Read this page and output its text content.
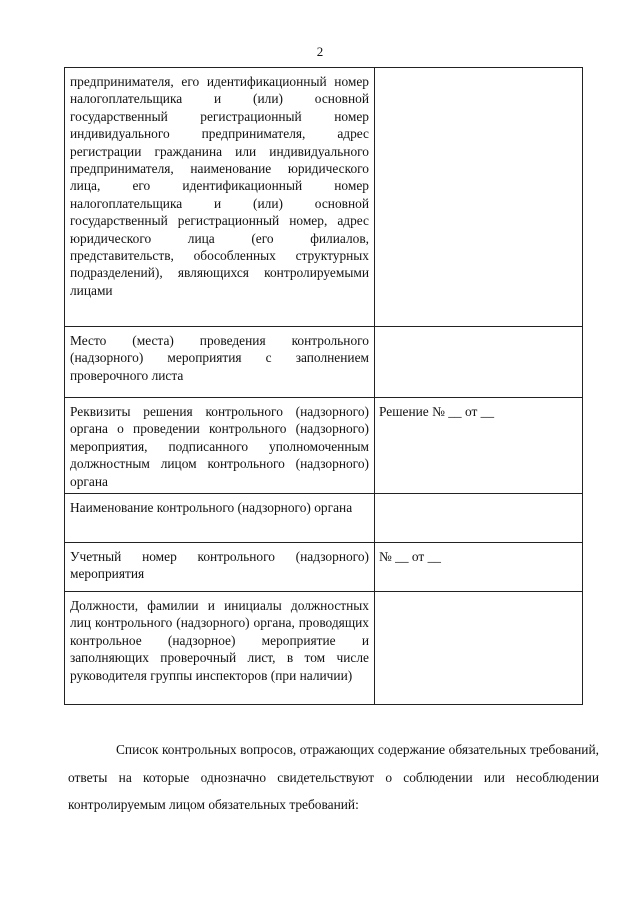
2
предпринимателя, его идентификационный номер налогоплательщика и (или) основной государственный регистрационный номер индивидуального предпринимателя, адрес регистрации гражданина или индивидуального предпринимателя, наименование юридического лица, его идентификационный номер налогоплательщика и (или) основной государственный регистрационный номер, адрес юридического лица (его филиалов, представительств, обособленных структурных подразделений), являющихся контролируемыми лицами	
Место (места) проведения контрольного (надзорного) мероприятия с заполнением проверочного листа	
Реквизиты решения контрольного (надзорного) органа о проведении контрольного (надзорного) мероприятия, подписанного уполномоченным должностным лицом контрольного (надзорного) органа	Решение № __ от __
Наименование контрольного (надзорного) органа	
Учетный номер контрольного (надзорного) мероприятия	№ __ от __
Должности, фамилии и инициалы должностных лиц контрольного (надзорного) органа, проводящих контрольное (надзорное) мероприятие и заполняющих проверочный лист, в том числе руководителя группы инспекторов (при наличии)	

Список контрольных вопросов, отражающих содержание обязательных требований, ответы на которые однозначно свидетельствуют о соблюдении или несоблюдении контролируемым лицом обязательных требований:
